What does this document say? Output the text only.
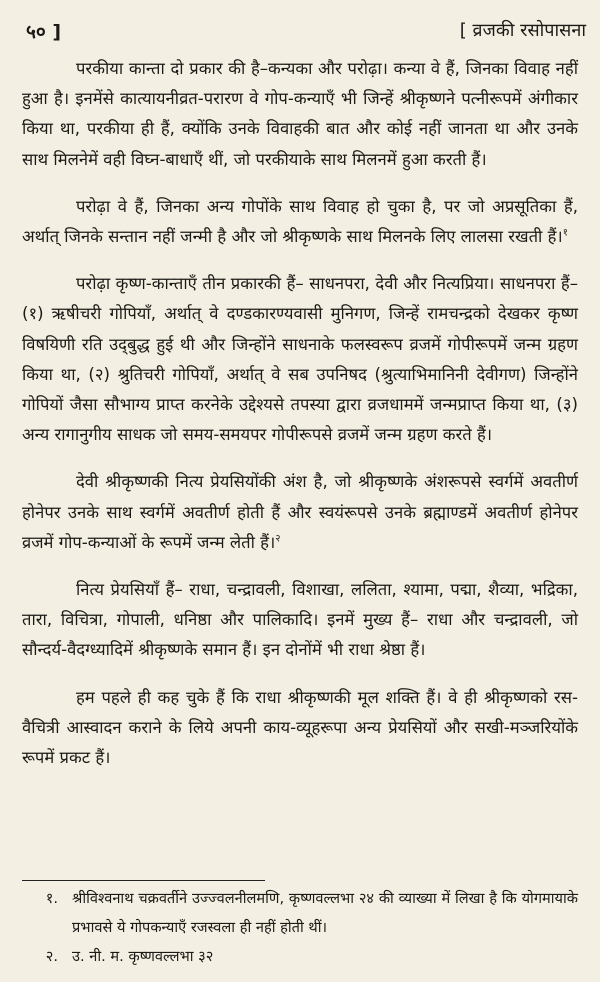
५० ]	[ व्रजकी रसोपासना

परकीया कान्ता दो प्रकार की है–कन्यका और परोढ़ा। कन्या वे हैं, जिनका विवाह नहीं हुआ है। इनमेंसे कात्यायनीव्रत-परारण वे गोप-कन्याएँ भी जिन्हें श्रीकृष्णने पत्नीरूपमें अंगीकार किया था, परकीया ही हैं, क्योंकि उनके विवाहकी बात और कोई नहीं जानता था और उनके साथ मिलनेमें वही विघ्न-बाधाएँ थीं, जो परकीयाके साथ मिलनमें हुआ करती हैं।

परोढ़ा वे हैं, जिनका अन्य गोपोंके साथ विवाह हो चुका है, पर जो अप्रसूतिका हैं, अर्थात् जिनके सन्तान नहीं जन्मी है और जो श्रीकृष्णके साथ मिलनके लिए लालसा रखती हैं।$^१$

परोढ़ा कृष्ण-कान्ताएँ तीन प्रकारकी हैं– साधनपरा, देवी और नित्यप्रिया। साधनपरा हैं– (१) ऋषीचरी गोपियाँ, अर्थात् वे दण्डकारण्यवासी मुनिगण, जिन्हें रामचन्द्रको देखकर कृष्ण विषयिणी रति उद्‌बुद्ध हुई थी और जिन्होंने साधनाके फलस्वरूप व्रजमें गोपीरूपमें जन्म ग्रहण किया था, (२) श्रुतिचरी गोपियाँ, अर्थात् वे सब उपनिषद (श्रुत्याभिमानिनी देवीगण) जिन्होंने गोपियों जैसा सौभाग्य प्राप्त करनेके उद्देश्यसे तपस्या द्वारा व्रजधाममें जन्मप्राप्त किया था, (३) अन्य रागानुगीय साधक जो समय-समयपर गोपीरूपसे व्रजमें जन्म ग्रहण करते हैं।

देवी श्रीकृष्णकी नित्य प्रेयसियोंकी अंश है, जो श्रीकृष्णके अंशरूपसे स्वर्गमें अवतीर्ण होनेपर उनके साथ स्वर्गमें अवतीर्ण होती हैं और स्वयंरूपसे उनके ब्रह्माण्डमें अवतीर्ण होनेपर व्रजमें गोप-कन्याओं के रूपमें जन्म लेती हैं।$^२$

नित्य प्रेयसियाँ हैं– राधा, चन्द्रावली, विशाखा, ललिता, श्यामा, पद्मा, शैव्या, भद्रिका, तारा, विचित्रा, गोपाली, धनिष्ठा और पालिकादि। इनमें मुख्य हैं– राधा और चन्द्रावली, जो सौन्दर्य-वैदग्ध्यादिमें श्रीकृष्णके समान हैं। इन दोनोंमें भी राधा श्रेष्ठा हैं।

हम पहले ही कह चुके हैं कि राधा श्रीकृष्णकी मूल शक्ति हैं। वे ही श्रीकृष्णको रस-वैचित्री आस्वादन कराने के लिये अपनी काय-व्यूहरूपा अन्य प्रेयसियों और सखी-मञ्जरियोंके रूपमें प्रकट हैं।

१. श्रीविश्वनाथ चक्रवर्तीने उज्ज्वलनीलमणि, कृष्णवल्लभा २४ की व्याख्या में लिखा है कि योगमायाके प्रभावसे ये गोपकन्याएँ रजस्वला ही नहीं होती थीं।
२. उ. नी. म. कृष्णवल्लभा ३२
